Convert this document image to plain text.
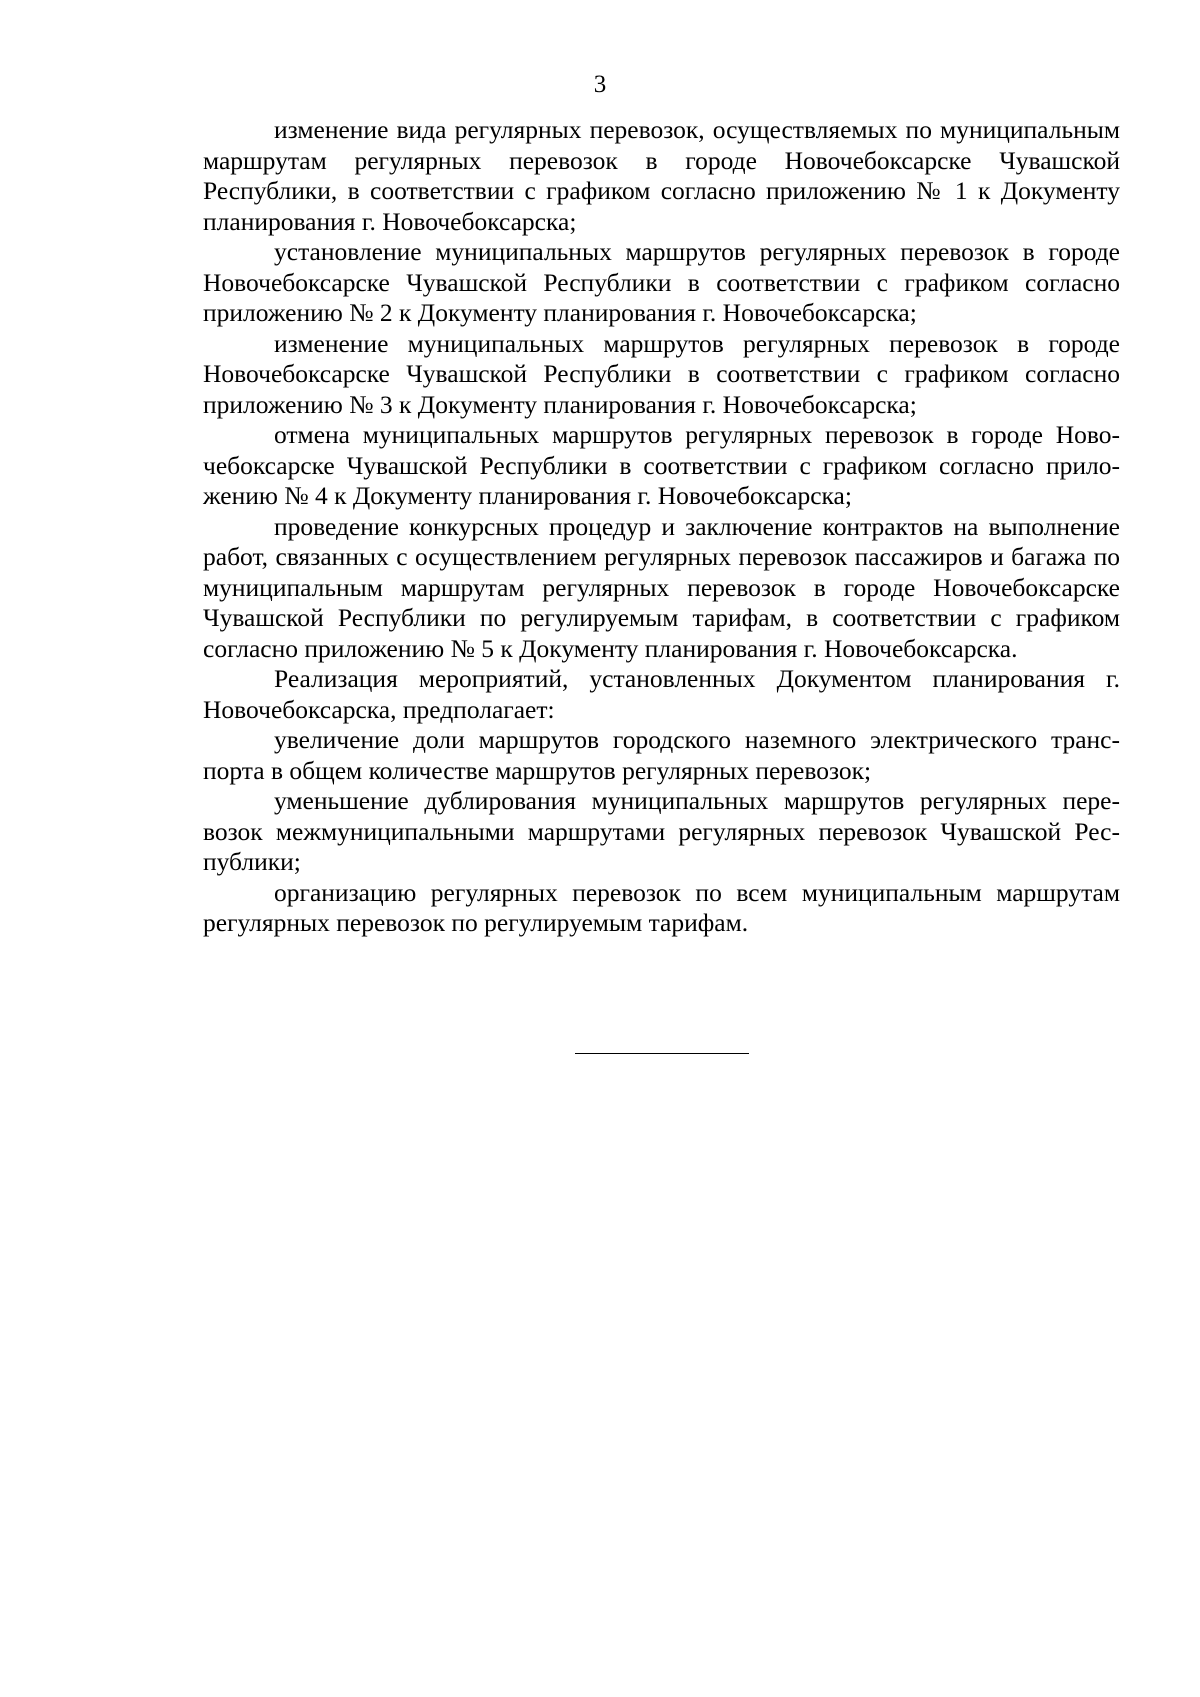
3

изменение вида регулярных перевозок, осуществляемых по муниципальным маршрутам регулярных перевозок в городе Новочебоксарске Чувашской Республики, в соответствии с графиком согласно приложению № 1 к Документу планирования г. Новочебоксарска;

установление муниципальных маршрутов регулярных перевозок в городе Новочебоксарске Чувашской Республики в соответствии с графиком согласно приложению № 2 к Документу планирования г. Новочебоксарска;

изменение муниципальных маршрутов регулярных перевозок в городе Новочебоксарске Чувашской Республики в соответствии с графиком согласно приложению № 3 к Документу планирования г. Новочебоксарска;

отмена муниципальных маршрутов регулярных перевозок в городе Новочебоксарске Чувашской Республики в соответствии с графиком согласно приложению № 4 к Документу планирования г. Новочебоксарска;

проведение конкурсных процедур и заключение контрактов на выполнение работ, связанных с осуществлением регулярных перевозок пассажиров и багажа по муниципальным маршрутам регулярных перевозок в городе Новочебоксарске Чувашской Республики по регулируемым тарифам, в соответствии с графиком согласно приложению № 5 к Документу планирования г. Новочебоксарска.

Реализация мероприятий, установленных Документом планирования г. Новочебоксарска, предполагает:

увеличение доли маршрутов городского наземного электрического транспорта в общем количестве маршрутов регулярных перевозок;

уменьшение дублирования муниципальных маршрутов регулярных перевозок межмуниципальными маршрутами регулярных перевозок Чувашской Республики;

организацию регулярных перевозок по всем муниципальным маршрутам регулярных перевозок по регулируемым тарифам.
